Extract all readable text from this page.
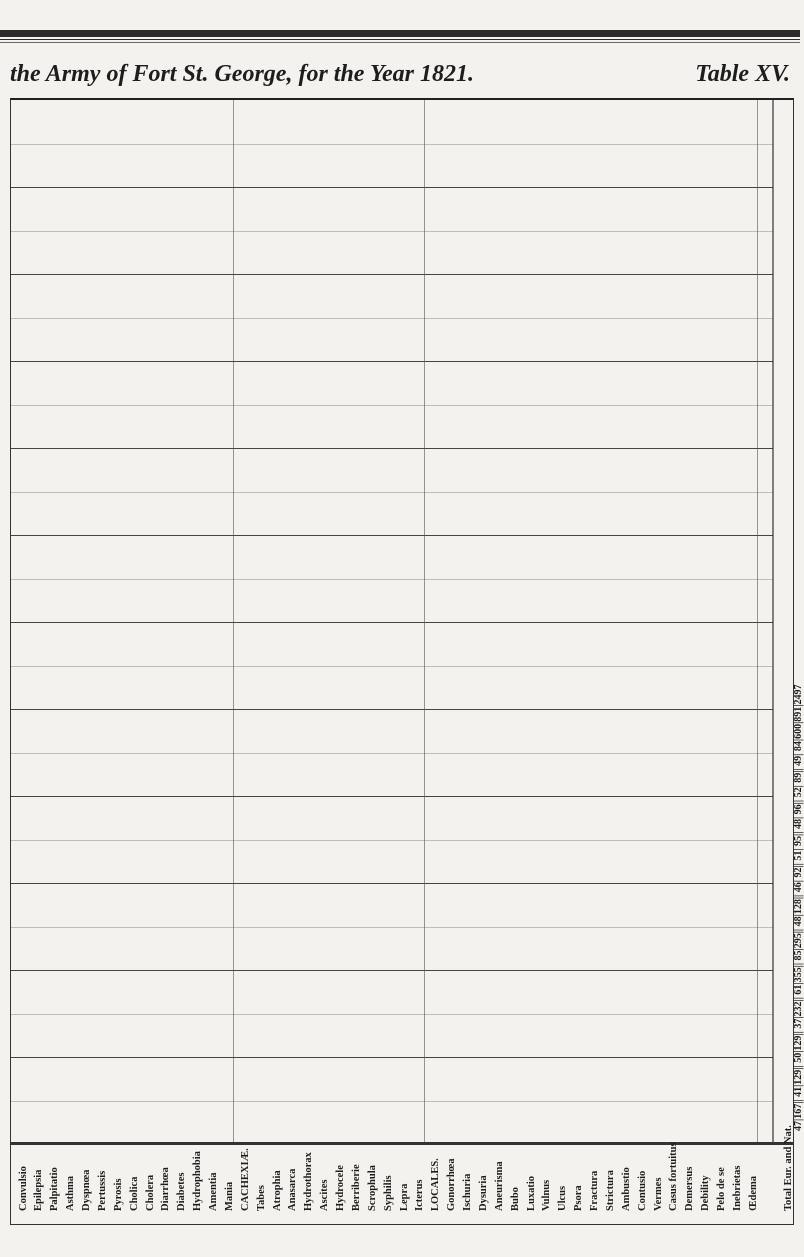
the Army of Fort St. George, for the Year 1821.	Table XV.
Convulsio Epilepsia Palpitatio Asthma Dyspnœa Pertussis Pyrosis Cholica Cholera Diarrhœa Diabetes Hydrophobia Amentia Mania CACHEXIÆ. Tabes Atrophia Anasarca Hydrothorax Ascites Hydrocele Berriberie Scrophula Syphilis Lepra Icterus LOCALES. Gonorrhœa Ischuria Dysuria Aneurisma Bubo Luxatio Vulnus Ulcus Psora Fractura Strictura Ambustio Contusio Vermes Casus fortuitus Demersus Debility Pelo de se Inebrietas Œdema Total Eur. and Nat.
47|167|| 41|129|| 50|129|| 37|232|| 61|355|| 85|295|| 48|128|| 46| 92|| 51| 95|| 48| 96|| 52| 89|| 49| 84|600|891|2497
